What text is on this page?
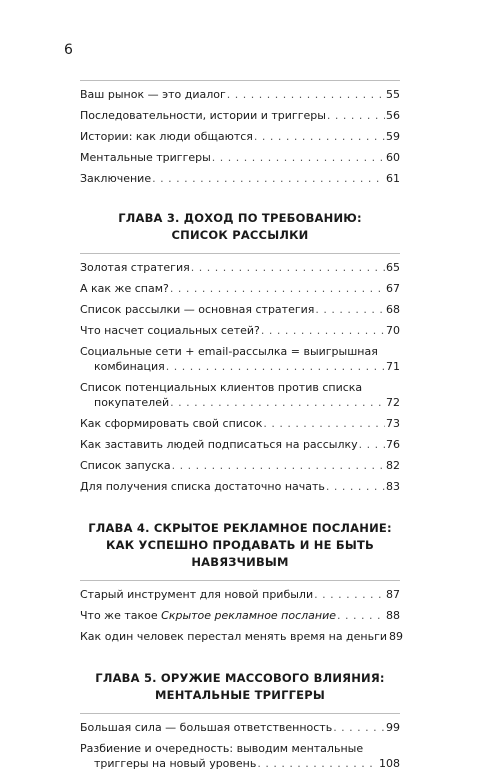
6
Ваш рынок — это диалог . . .	55
Последовательности, истории и триггеры . . .	56
Истории: как люди общаются . . .	59
Ментальные триггеры . . .	60
Заключение . . .	61
ГЛАВА 3. ДОХОД ПО ТРЕБОВАНИЮ:
СПИСОК РАССЫЛКИ
Золотая стратегия . . .	65
А как же спам? . . .	67
Список рассылки — основная стратегия . . .	68
Что насчет социальных сетей? . . .	70
Социальные сети + email-рассылка = выигрышная
комбинация . . .	71
Список потенциальных клиентов против списка
покупателей . . .	72
Как сформировать свой список . . .	73
Как заставить людей подписаться на рассылку . . .	76
Список запуска . . .	82
Для получения списка достаточно начать . . .	83
ГЛАВА 4. СКРЫТОЕ РЕКЛАМНОЕ ПОСЛАНИЕ:
КАК УСПЕШНО ПРОДАВАТЬ И НЕ БЫТЬ НАВЯЗЧИВЫМ
Старый инструмент для новой прибыли . . .	87
Что же такое Скрытое рекламное послание . . .	88
Как один человек перестал менять время на деньги 89
ГЛАВА 5. ОРУЖИЕ МАССОВОГО ВЛИЯНИЯ:
МЕНТАЛЬНЫЕ ТРИГГЕРЫ
Большая сила — большая ответственность . . .	99
Разбиение и очередность: выводим ментальные
триггеры на новый уровень . . .	108
